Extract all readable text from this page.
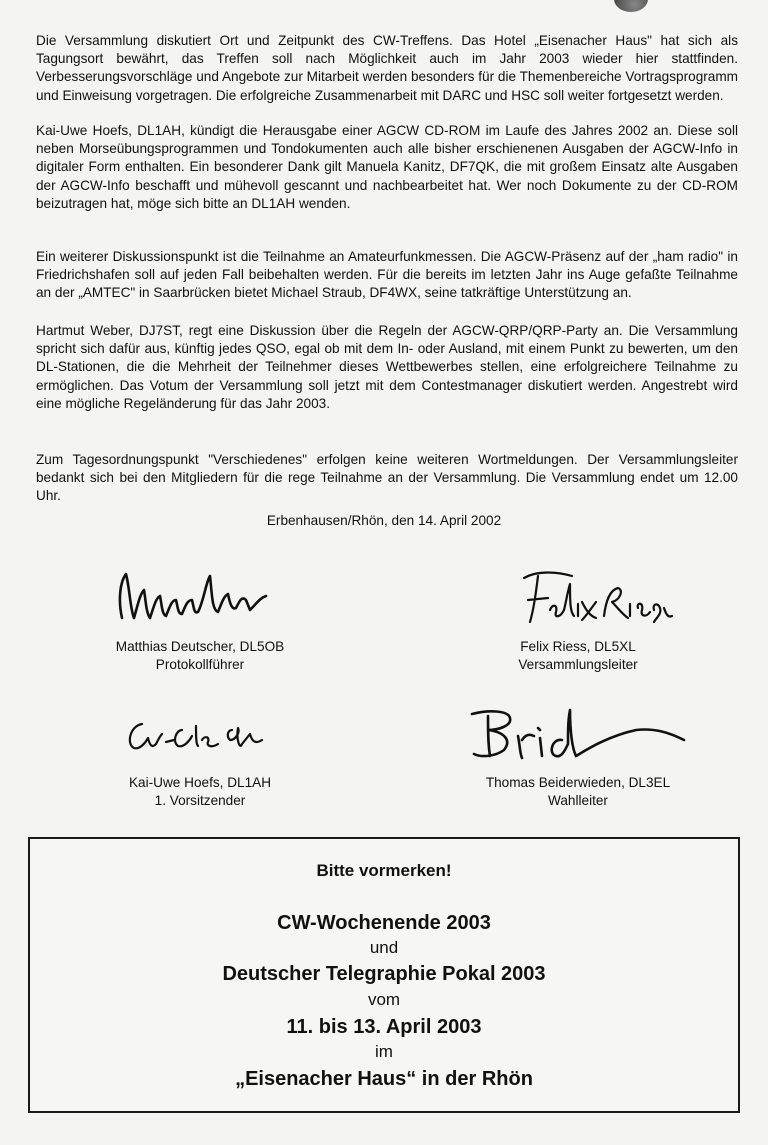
Die Versammlung diskutiert Ort und Zeitpunkt des CW-Treffens. Das Hotel „Eisenacher Haus" hat sich als Tagungsort bewährt, das Treffen soll nach Möglichkeit auch im Jahr 2003 wieder hier stattfinden. Verbesserungsvorschläge und Angebote zur Mitarbeit werden besonders für die Themenbereiche Vortragsprogramm und Einweisung vorgetragen. Die erfolgreiche Zusammenarbeit mit DARC und HSC soll weiter fortgesetzt werden.

Kai-Uwe Hoefs, DL1AH, kündigt die Herausgabe einer AGCW CD-ROM im Laufe des Jahres 2002 an. Diese soll neben Morseübungsprogrammen und Tondokumenten auch alle bisher erschienenen Ausgaben der AGCW-Info in digitaler Form enthalten. Ein besonderer Dank gilt Manuela Kanitz, DF7QK, die mit großem Einsatz alte Ausgaben der AGCW-Info beschafft und mühevoll gescannt und nachbearbeitet hat. Wer noch Dokumente zu der CD-ROM beizutragen hat, möge sich bitte an DL1AH wenden.

Ein weiterer Diskussionspunkt ist die Teilnahme an Amateurfunkmessen. Die AGCW-Präsenz auf der „ham radio" in Friedrichshafen soll auf jeden Fall beibehalten werden. Für die bereits im letzten Jahr ins Auge gefaßte Teilnahme an der „AMTEC" in Saarbrücken bietet Michael Straub, DF4WX, seine tatkräftige Unterstützung an.

Hartmut Weber, DJ7ST, regt eine Diskussion über die Regeln der AGCW-QRP/QRP-Party an. Die Versammlung spricht sich dafür aus, künftig jedes QSO, egal ob mit dem In- oder Ausland, mit einem Punkt zu bewerten, um den DL-Stationen, die die Mehrheit der Teilnehmer dieses Wettbewerbes stellen, eine erfolgreichere Teilnahme zu ermöglichen. Das Votum der Versammlung soll jetzt mit dem Contestmanager diskutiert werden. Angestrebt wird eine mögliche Regeländerung für das Jahr 2003.

Zum Tagesordnungspunkt "Verschiedenes" erfolgen keine weiteren Wortmeldungen. Der Versammlungsleiter bedankt sich bei den Mitgliedern für die rege Teilnahme an der Versammlung. Die Versammlung endet um 12.00 Uhr.

Erbenhausen/Rhön, den 14. April 2002
Matthias Deutscher, DL5OB
Protokollführer
Felix Riess, DL5XL
Versammlungsleiter
Kai-Uwe Hoefs, DL1AH
1. Vorsitzender
Thomas Beiderwieden, DL3EL
Wahlleiter
Bitte vormerken!
CW-Wochenende 2003
und
Deutscher Telegraphie Pokal 2003
vom
11. bis 13. April 2003
im
„Eisenacher Haus“ in der Rhön
